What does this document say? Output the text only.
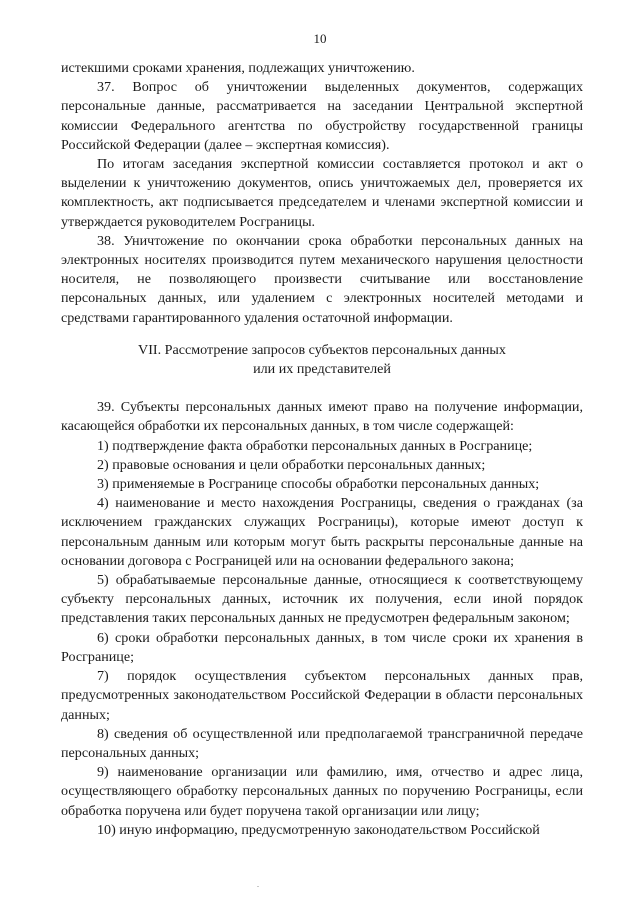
10

истекшими сроками хранения, подлежащих уничтожению.

37. Вопрос об уничтожении выделенных документов, содержащих персональные данные, рассматривается на заседании Центральной экспертной комиссии Федерального агентства по обустройству государственной границы Российской Федерации (далее – экспертная комиссия).

По итогам заседания экспертной комиссии составляется протокол и акт о выделении к уничтожению документов, опись уничтожаемых дел, проверяется их комплектность, акт подписывается председателем и членами экспертной комиссии и утверждается руководителем Росграницы.

38. Уничтожение по окончании срока обработки персональных данных на электронных носителях производится путем механического нарушения целостности носителя, не позволяющего произвести считывание или восстановление персональных данных, или удалением с электронных носителей методами и средствами гарантированного удаления остаточной информации.

VII. Рассмотрение запросов субъектов персональных данных
или их представителей

39. Субъекты персональных данных имеют право на получение информации, касающейся обработки их персональных данных, в том числе содержащей:

1) подтверждение факта обработки персональных данных в Росгранице;

2) правовые основания и цели обработки персональных данных;

3) применяемые в Росгранице способы обработки персональных данных;

4) наименование и место нахождения Росграницы, сведения о гражданах (за исключением гражданских служащих Росграницы), которые имеют доступ к персональным данным или которым могут быть раскрыты персональные данные на основании договора с Росграницей или на основании федерального закона;

5) обрабатываемые персональные данные, относящиеся к соответствующему субъекту персональных данных, источник их получения, если иной порядок представления таких персональных данных не предусмотрен федеральным законом;

6) сроки обработки персональных данных, в том числе сроки их хранения в Росгранице;

7) порядок осуществления субъектом персональных данных прав, предусмотренных законодательством Российской Федерации в области персональных данных;

8) сведения об осуществленной или предполагаемой трансграничной передаче персональных данных;

9) наименование организации или фамилию, имя, отчество и адрес лица, осуществляющего обработку персональных данных по поручению Росграницы, если обработка поручена или будет поручена такой организации или лицу;

10) иную информацию, предусмотренную законодательством Российской
